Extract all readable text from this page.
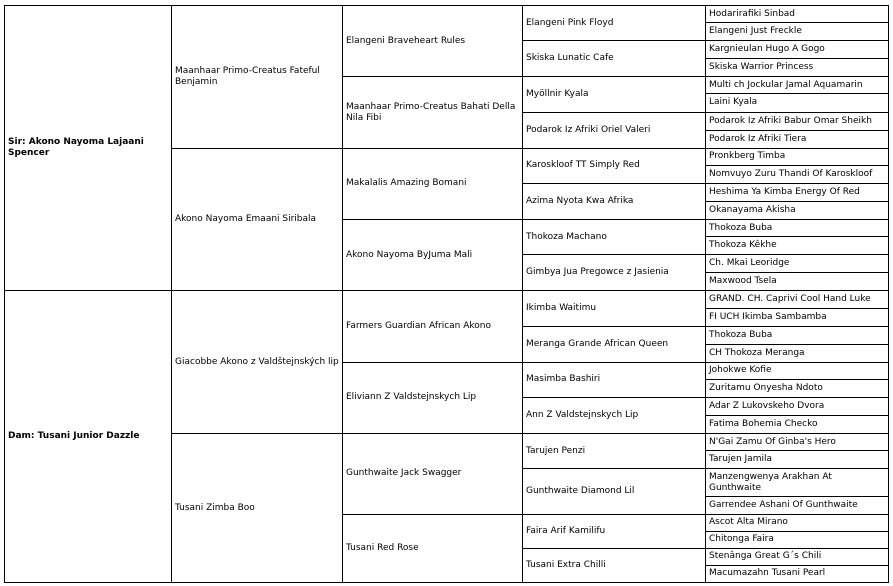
Sir: Akono Nayoma Lajaani Spencer	Maanhaar Primo-Creatus Fateful Benjamin	Elangeni Braveheart Rules	Elangeni Pink Floyd	Hodarirafiki Sinbad
				Elangeni Just Freckle
			Skiska Lunatic Cafe	Kargnieulan Hugo A Gogo
				Skiska Warrior Princess
		Maanhaar Primo-Creatus Bahati Della Nila Fibi	Myöllnir Kyala	Multi ch Jockular Jamal Aquamarin
				Laini Kyala
			Podarok Iz Afriki Oriel Valeri	Podarok Iz Afriki Babur Omar Sheikh
				Podarok Iz Afriki Tiera
	Akono Nayoma Emaani Siribala	Makalalis Amazing Bomani	Karoskloof TT Simply Red	Pronkberg Timba
				Nomvuyo Zuru Thandi Of Karoskloof
			Azima Nyota Kwa Afrika	Heshima Ya Kimba Energy Of Red
				Okanayama Akisha
		Akono Nayoma ByJuma Mali	Thokoza Machano	Thokoza Buba
				Thokoza Kêkhe
			Gimbya Jua Pregowce z Jasienia	Ch. Mkai Leoridge
				Maxwood Tsela
Dam: Tusani Junior Dazzle	Giacobbe Akono z Valdštejnských lip	Farmers Guardian African Akono	Ikimba Waitimu	GRAND. CH. Caprivi Cool Hand Luke
				FI UCH Ikimba Sambamba
			Meranga Grande African Queen	Thokoza Buba
				CH Thokoza Meranga
		Eliviann Z Valdstejnskych Lip	Masimba Bashiri	Johokwe Kofie
				Zuritamu Onyesha Ndoto
			Ann Z Valdstejnskych Lip	Adar Z Lukovskeho Dvora
				Fatima Bohemia Checko
	Tusani Zimba Boo	Gunthwaite Jack Swagger	Tarujen Penzi	N'Gai Zamu Of Ginba's Hero
				Tarujen Jamila
			Gunthwaite Diamond Lil	Manzengwenya Arakhan At Gunthwaite
				Garrendee Ashani Of Gunthwaite
		Tusani Red Rose	Faira Arif Kamilifu	Ascot Alta Mirano
				Chitonga Faira
			Tusani Extra Chilli	Stenânga Great G´s Chili
				Macumazahn Tusani Pearl
